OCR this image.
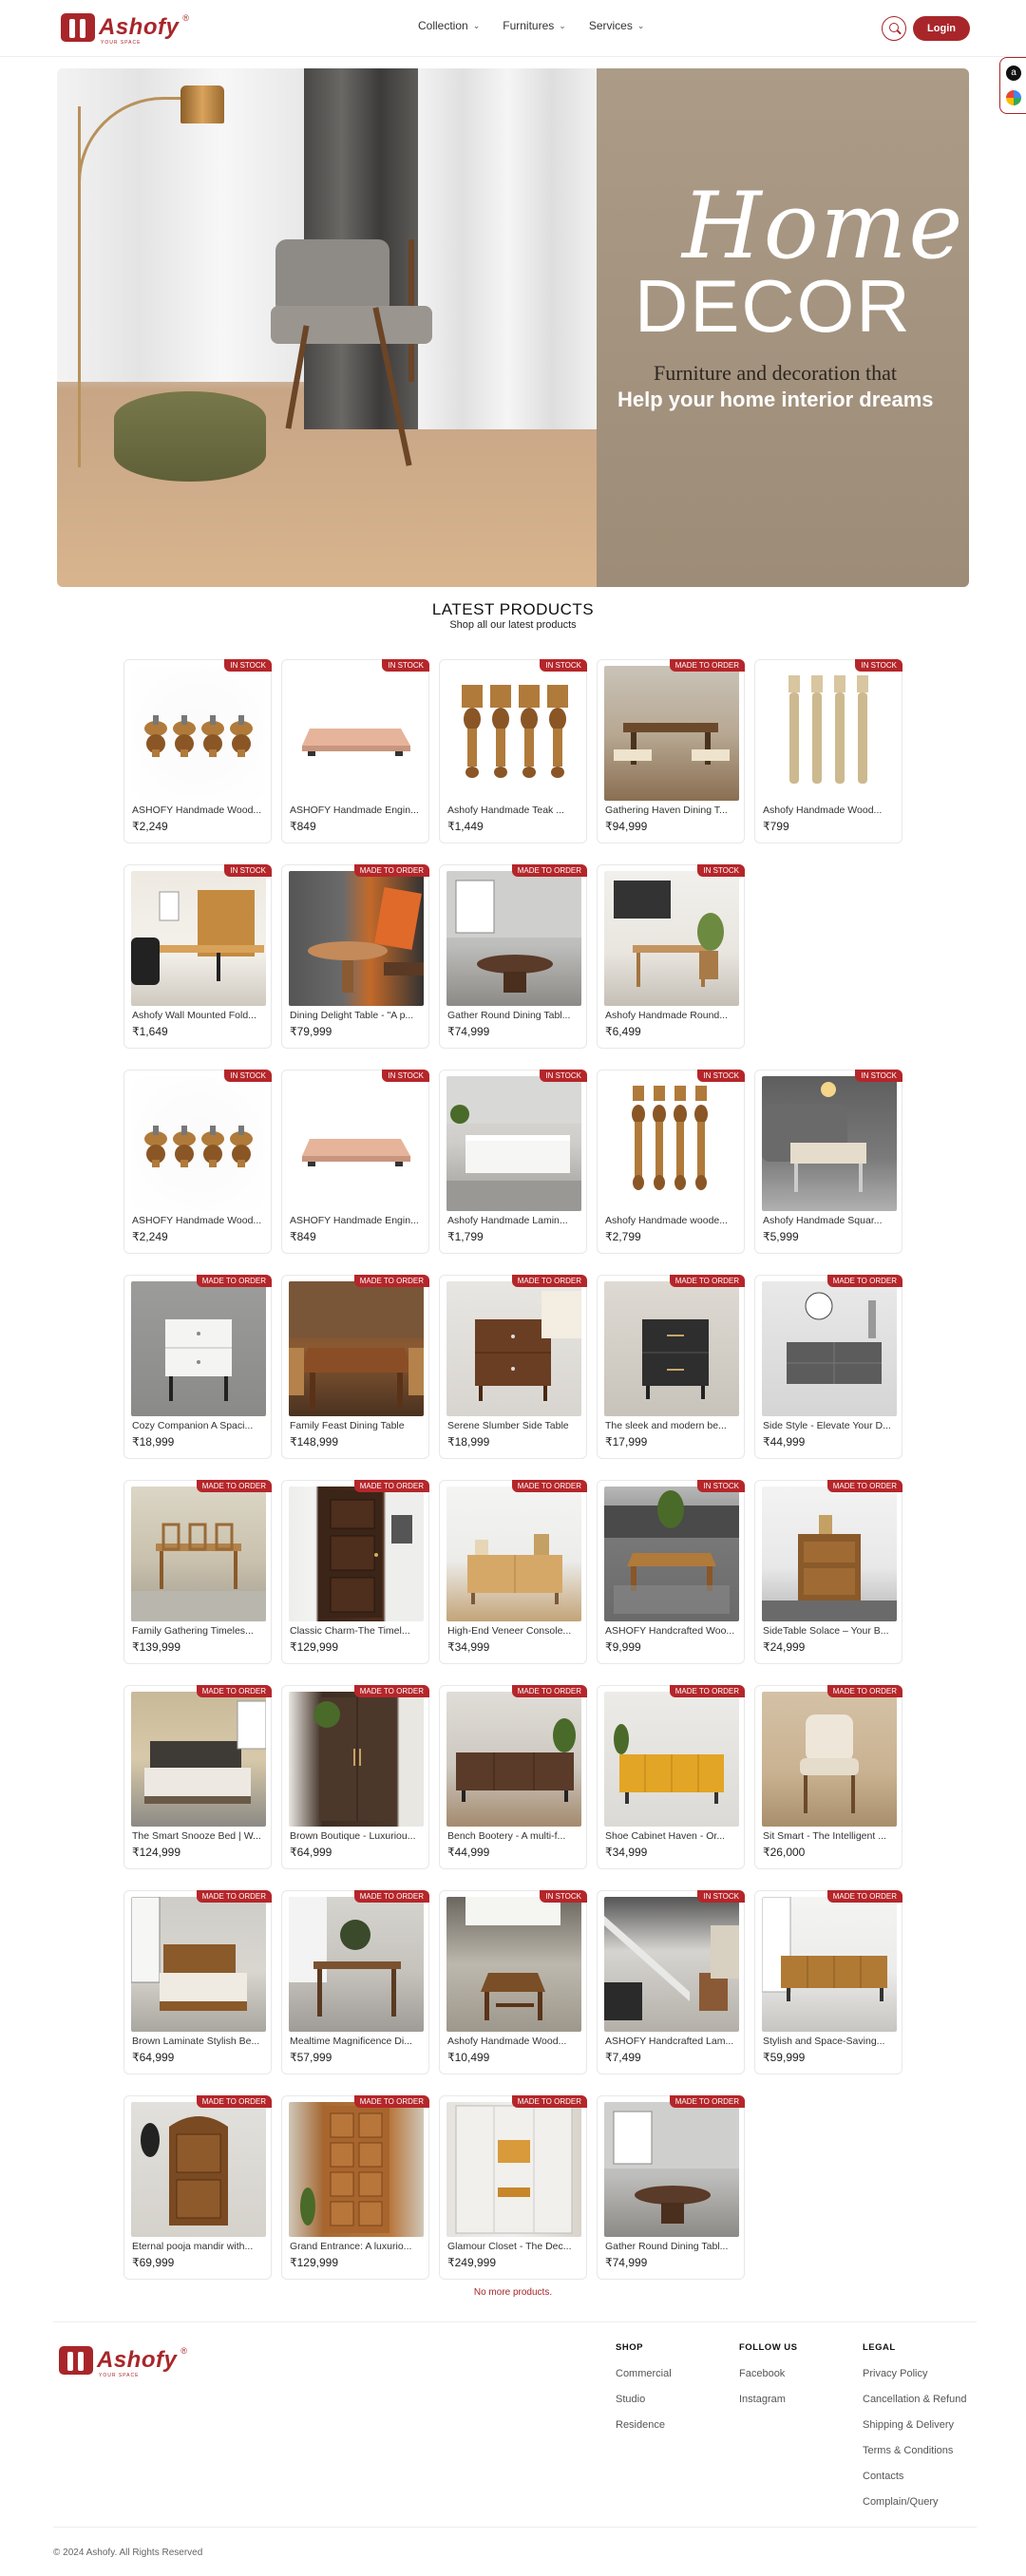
Ashofy ®
YOUR SPACE
Collection ⌄ Furnitures ⌄ Services ⌄	Login
a
Home
DECOR
Furniture and decoration that
Help your home interior dreams
LATEST PRODUCTS
Shop all our latest products
IN STOCK
ASHOFY Handmade Wood...
₹2,249
IN STOCK
ASHOFY Handmade Engin...
₹849
IN STOCK
Ashofy Handmade Teak ...
₹1,449
MADE TO ORDER
Gathering Haven Dining T...
₹94,999
IN STOCK
Ashofy Handmade Wood...
₹799
IN STOCK
Ashofy Wall Mounted Fold...
₹1,649
MADE TO ORDER
Dining Delight Table - "A p...
₹79,999
MADE TO ORDER
Gather Round Dining Tabl...
₹74,999
IN STOCK
Ashofy Handmade Round...
₹6,499
IN STOCK
ASHOFY Handmade Wood...
₹2,249
IN STOCK
ASHOFY Handmade Engin...
₹849
IN STOCK
Ashofy Handmade Lamin...
₹1,799
IN STOCK
Ashofy Handmade woode...
₹2,799
IN STOCK
Ashofy Handmade Squar...
₹5,999
MADE TO ORDER
Cozy Companion A Spaci...
₹18,999
MADE TO ORDER
Family Feast Dining Table
₹148,999
MADE TO ORDER
Serene Slumber Side Table
₹18,999
MADE TO ORDER
The sleek and modern be...
₹17,999
MADE TO ORDER
Side Style - Elevate Your D...
₹44,999
MADE TO ORDER
Family Gathering Timeles...
₹139,999
MADE TO ORDER
Classic Charm-The Timel...
₹129,999
MADE TO ORDER
High-End Veneer Console...
₹34,999
IN STOCK
ASHOFY Handcrafted Woo...
₹9,999
MADE TO ORDER
SideTable Solace – Your B...
₹24,999
MADE TO ORDER
The Smart Snooze Bed | W...
₹124,999
MADE TO ORDER
Brown Boutique - Luxuriou...
₹64,999
MADE TO ORDER
Bench Bootery - A multi-f...
₹44,999
MADE TO ORDER
Shoe Cabinet Haven - Or...
₹34,999
MADE TO ORDER
Sit Smart - The Intelligent ...
₹26,000
MADE TO ORDER
Brown Laminate Stylish Be...
₹64,999
MADE TO ORDER
Mealtime Magnificence Di...
₹57,999
IN STOCK
Ashofy Handmade Wood...
₹10,499
IN STOCK
ASHOFY Handcrafted Lam...
₹7,499
MADE TO ORDER
Stylish and Space-Saving...
₹59,999
MADE TO ORDER
Eternal pooja mandir with...
₹69,999
MADE TO ORDER
Grand Entrance: A luxurio...
₹129,999
MADE TO ORDER
Glamour Closet - The Dec...
₹249,999
MADE TO ORDER
Gather Round Dining Tabl...
₹74,999
No more products.
Ashofy ®
YOUR SPACE
SHOP
Commercial
Studio
Residence
FOLLOW US
Facebook
Instagram
LEGAL
Privacy Policy
Cancellation & Refund
Shipping & Delivery
Terms & Conditions
Contacts
Complain/Query
© 2024 Ashofy. All Rights Reserved
